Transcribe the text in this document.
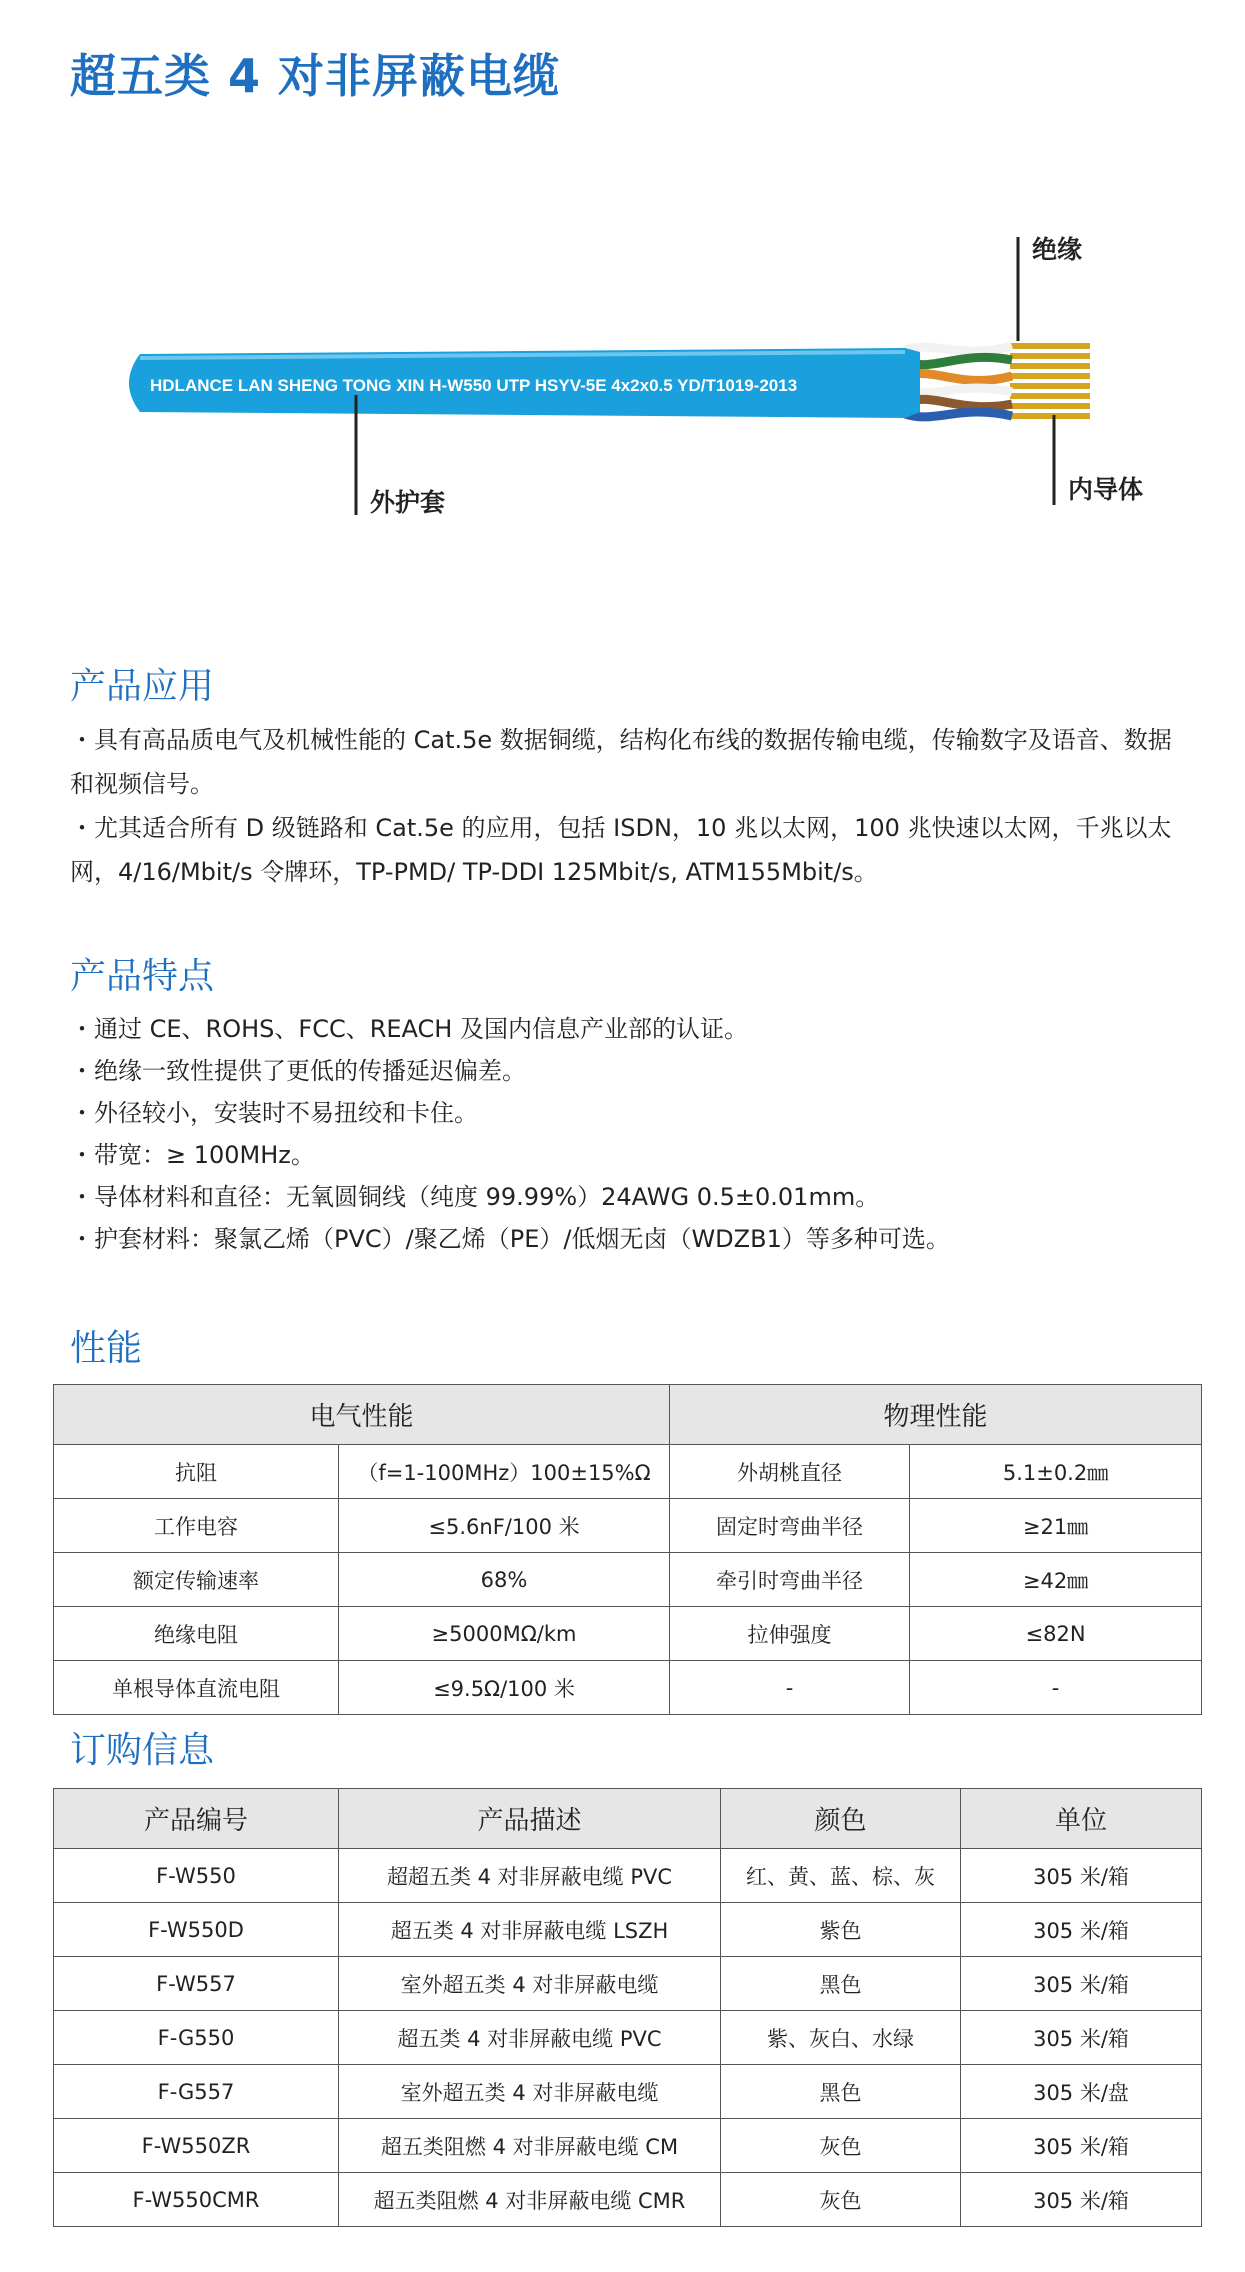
超五类 4 对非屏蔽电缆
HDLANCE LAN SHENG TONG XIN H-W550 UTP HSYV-5E 4x2x0.5 YD/T1019-2013
绝缘
外护套	内导体
产品应用

・具有高品质电气及机械性能的 Cat.5e 数据铜缆，结构化布线的数据传输电缆，传输数字及语音、数据和视频信号。

・尤其适合所有 D 级链路和 Cat.5e 的应用，包括 ISDN，10 兆以太网，100 兆快速以太网，千兆以太网，4/16/Mbit/s 令牌环，TP-PMD/ TP-DDI 125Mbit/s, ATM155Mbit/s。

产品特点
・通过 CE、ROHS、FCC、REACH 及国内信息产业部的认证。
・绝缘一致性提供了更低的传播延迟偏差。
・外径较小，安装时不易扭绞和卡住。
・带宽：≥ 100MHz。
・导体材料和直径：无氧圆铜线（纯度 99.99%）24AWG 0.5±0.01mm。
・护套材料：聚氯乙烯（PVC）/聚乙烯（PE）/低烟无卤（WDZB1）等多种可选。
性能
电气性能		物理性能	
抗阻	（f=1-100MHz）100±15%Ω	外胡桃直径	5.1±0.2㎜
工作电容	≤5.6nF/100 米	固定时弯曲半径	≥21㎜
额定传输速率	68%	牵引时弯曲半径	≥42㎜
绝缘电阻	≥5000MΩ/km	拉伸强度	≤82N
单根导体直流电阻	≤9.5Ω/100 米	-	-
订购信息
产品编号	产品描述	颜色	单位
F-W550	超超五类 4 对非屏蔽电缆 PVC	红、黄、蓝、棕、灰	305 米/箱
F-W550D	超五类 4 对非屏蔽电缆 LSZH	紫色	305 米/箱
F-W557	室外超五类 4 对非屏蔽电缆	黑色	305 米/箱
F-G550	超五类 4 对非屏蔽电缆 PVC	紫、灰白、水绿	305 米/箱
F-G557	室外超五类 4 对非屏蔽电缆	黑色	305 米/盘
F-W550ZR	超五类阻燃 4 对非屏蔽电缆 CM	灰色	305 米/箱
F-W550CMR	超五类阻燃 4 对非屏蔽电缆 CMR	灰色	305 米/箱
